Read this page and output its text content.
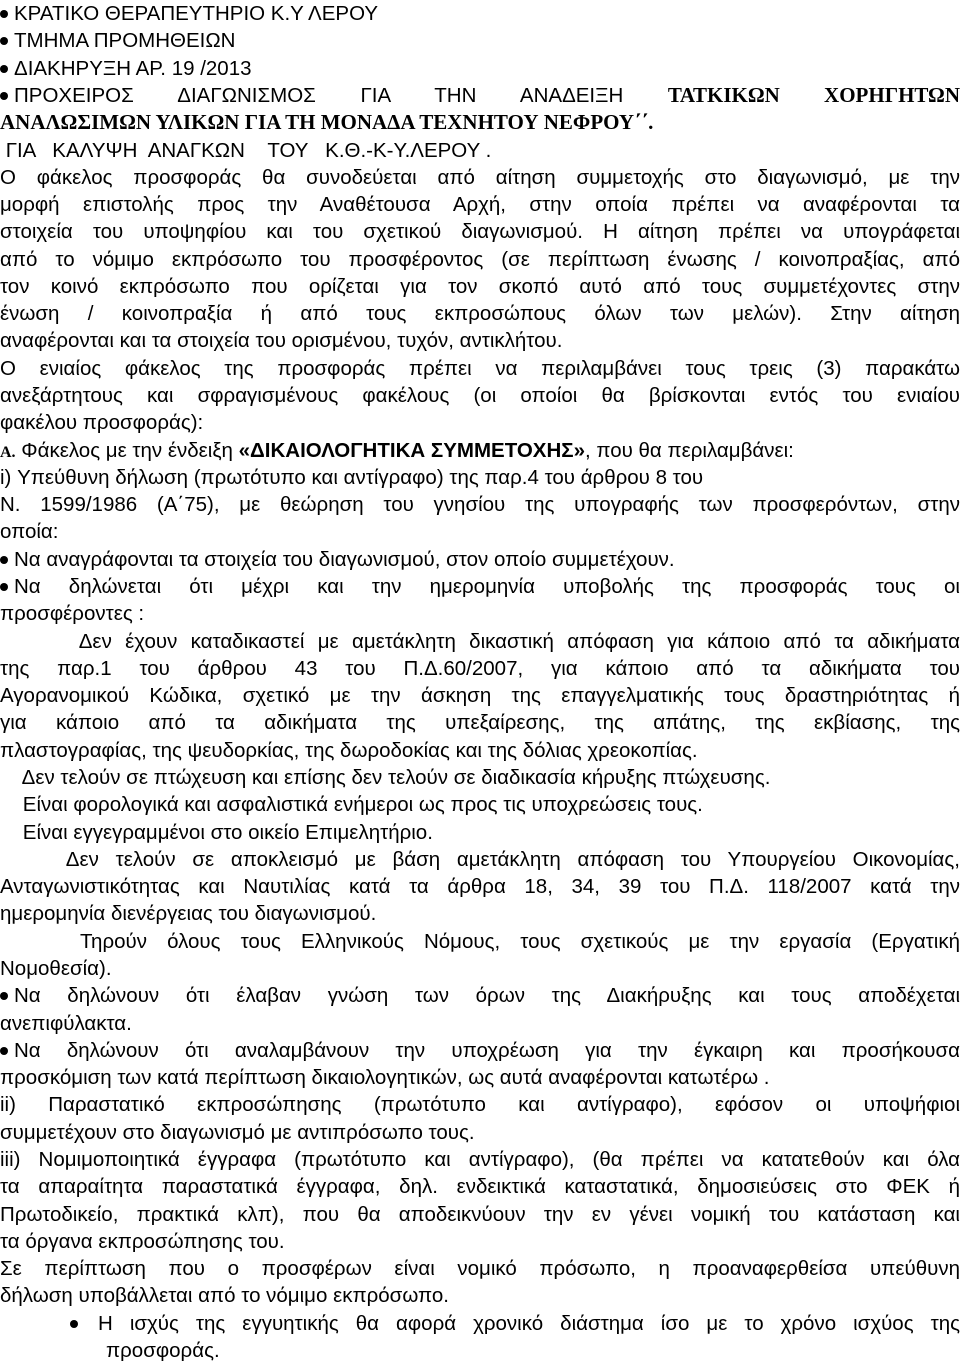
ΚΡΑΤΙΚΟ ΘΕΡΑΠΕΥΤΗΡΙΟ Κ.Υ ΛΕΡΟΥ
ΤΜΗΜΑ ΠΡΟΜΗΘΕΙΩΝ
ΔΙΑΚΗΡΥΞΗ ΑΡ. 19 /2013
ΠΡΟΧΕΙΡΟΣ ΔΙΑΓΩΝΙΣΜΟΣ ΓΙΑ ΤΗΝ ΑΝΑΔΕΙΞΗ ΤΑΤΚΙΚΩΝ ΧΟΡΗΓΗΤΩΝ
ΑΝΑΛΩΣΙΜΩΝ ΥΛΙΚΩΝ ΓΙΑ ΤΗ ΜΟΝΑΔΑ ΤΕΧΝΗΤΟΥ ΝΕΦΡΟΥ΄΄.
ΓΙΑ   ΚΑΛΥΨΗ  ΑΝΑΓΚΩΝ    ΤΟΥ   Κ.Θ.-Κ-Υ.ΛΕΡΟΥ .
Ο φάκελος προσφοράς θα συνοδεύεται από αίτηση συμμετοχής στο διαγωνισμό, με την
μορφή επιστολής προς την Αναθέτουσα Αρχή, στην οποία πρέπει να αναφέρονται τα
στοιχεία του υποψηφίου και του σχετικού διαγωνισμού. Η αίτηση πρέπει να υπογράφεται
από το νόμιμο εκπρόσωπο του προσφέροντος (σε περίπτωση ένωσης / κοινοπραξίας, από
τον κοινό εκπρόσωπο που ορίζεται για τον σκοπό αυτό από τους συμμετέχοντες στην
ένωση / κοινοπραξία ή από τους εκπροσώπους όλων των μελών). Στην αίτηση
αναφέρονται και τα στοιχεία του ορισμένου, τυχόν, αντικλήτου.
Ο ενιαίος φάκελος της προσφοράς πρέπει να περιλαμβάνει τους τρεις (3) παρακάτω
ανεξάρτητους και σφραγισμένους φακέλους (οι οποίοι θα βρίσκονται εντός του ενιαίου
φακέλου προσφοράς):
Α. Φάκελος με την ένδειξη «ΔΙΚΑΙΟΛΟΓΗΤΙΚΑ ΣΥΜΜΕΤΟΧΗΣ», που θα περιλαμβάνει:
i) Υπεύθυνη δήλωση (πρωτότυπο και αντίγραφο) της παρ.4 του άρθρου 8 του
Ν. 1599/1986 (Α΄75), με θεώρηση του γνησίου της υπογραφής των προσφερόντων, στην
οποία:
Να αναγράφονται τα στοιχεία του διαγωνισμού, στον οποίο συμμετέχουν.
Να δηλώνεται ότι μέχρι και την ημερομηνία υποβολής της προσφοράς τους οι
προσφέροντες :
Δεν έχουν καταδικαστεί με αμετάκλητη δικαστική απόφαση για κάποιο από τα αδικήματα
της παρ.1 του άρθρου 43 του Π.Δ.60/2007, για κάποιο από τα αδικήματα του
Αγορανομικού Κώδικα, σχετικό με την άσκηση της επαγγελματικής τους δραστηριότητας ή
για κάποιο από τα αδικήματα της υπεξαίρεσης, της απάτης, της εκβίασης, της
πλαστογραφίας, της ψευδορκίας, της δωροδοκίας και της δόλιας χρεοκοπίας.
Δεν τελούν σε πτώχευση και επίσης δεν τελούν σε διαδικασία κήρυξης πτώχευσης.
Είναι φορολογικά και ασφαλιστικά ενήμεροι ως προς τις υποχρεώσεις τους.
Είναι εγγεγραμμένοι στο οικείο Επιμελητήριο.
Δεν τελούν σε αποκλεισμό με βάση αμετάκλητη απόφαση του Υπουργείου Οικονομίας,
Ανταγωνιστικότητας και Ναυτιλίας κατά τα άρθρα 18, 34, 39 του Π.Δ. 118/2007 κατά την
ημερομηνία διενέργειας του διαγωνισμού.
Τηρούν όλους τους Ελληνικούς Νόμους, τους σχετικούς με την εργασία (Εργατική
Νομοθεσία).
Να δηλώνουν ότι έλαβαν γνώση των όρων της Διακήρυξης και τους αποδέχεται
ανεπιφύλακτα.
Να δηλώνουν ότι αναλαμβάνουν την υποχρέωση για την έγκαιρη και προσήκουσα
προσκόμιση των κατά περίπτωση δικαιολογητικών, ως αυτά αναφέρονται κατωτέρω .
ii) Παραστατικό εκπροσώπησης (πρωτότυπο και αντίγραφο), εφόσον οι υποψήφιοι
συμμετέχουν στο διαγωνισμό με αντιπρόσωπο τους.
iii) Νομιμοποιητικά έγγραφα (πρωτότυπο και αντίγραφο), (θα πρέπει να κατατεθούν και όλα
τα απαραίτητα παραστατικά έγγραφα, δηλ. ενδεικτικά καταστατικά, δημοσιεύσεις στο ΦΕΚ ή
Πρωτοδικείο, πρακτικά κλπ), που θα αποδεικνύουν την εν γένει νομική του κατάσταση και
τα όργανα εκπροσώπησης του.
Σε περίπτωση που ο προσφέρων είναι νομικό πρόσωπο, η προαναφερθείσα υπεύθυνη
δήλωση υποβάλλεται από το νόμιμο εκπρόσωπο.
Η ισχύς της εγγυητικής θα αφορά χρονικό διάστημα ίσο με το χρόνο ισχύος της
προσφοράς.
